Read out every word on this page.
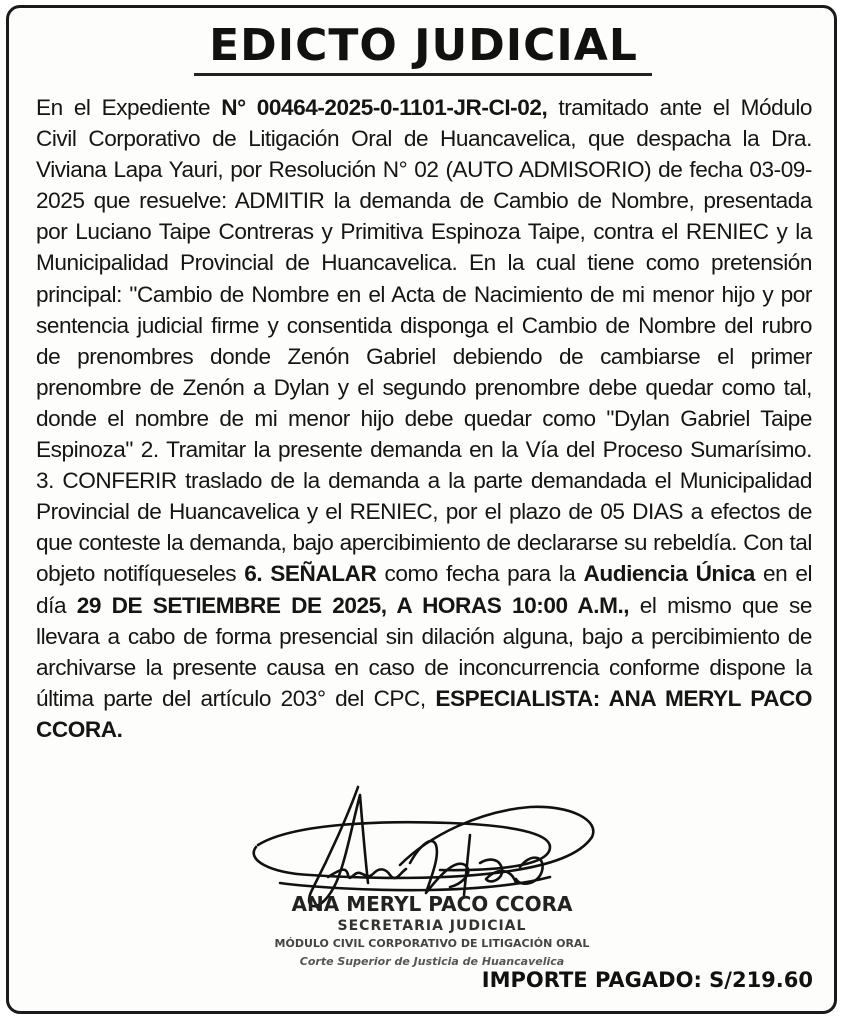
EDICTO JUDICIAL
En el Expediente N° 00464-2025-0-1101-JR-CI-02, tramitado ante el Módulo Civil Corporativo de Litigación Oral de Huancavelica, que despacha la Dra. Viviana Lapa Yauri, por Resolución N° 02 (AUTO ADMISORIO) de fecha 03-09-2025 que resuelve: ADMITIR la demanda de Cambio de Nombre, presentada por Luciano Taipe Contreras y Primitiva Espinoza Taipe, contra el RENIEC y la Municipalidad Provincial de Huancavelica. En la cual tiene como pretensión principal: "Cambio de Nombre en el Acta de Nacimiento de mi menor hijo y por sentencia judicial firme y consentida disponga el Cambio de Nombre del rubro de prenombres donde Zenón Gabriel debiendo de cambiarse el primer prenombre de Zenón a Dylan y el segundo prenombre debe quedar como tal, donde el nombre de mi menor hijo debe quedar como "Dylan Gabriel Taipe Espinoza" 2. Tramitar la presente demanda en la Vía del Proceso Sumarísimo. 3. CONFERIR traslado de la demanda a la parte demandada el Municipalidad Provincial de Huancavelica y el RENIEC, por el plazo de 05 DIAS a efectos de que conteste la demanda, bajo apercibimiento de declararse su rebeldía. Con tal objeto notifíqueseles 6. SEÑALAR como fecha para la Audiencia Única en el día 29 DE SETIEMBRE DE 2025, A HORAS 10:00 A.M., el mismo que se llevara a cabo de forma presencial sin dilación alguna, bajo a percibimiento de archivarse la presente causa en caso de inconcurrencia conforme dispone la última parte del artículo 203° del CPC, ESPECIALISTA: ANA MERYL PACO CCORA.
ANA MERYL PACO CCORA
SECRETARIA JUDICIAL
MÓDULO CIVIL CORPORATIVO DE LITIGACIÓN ORAL
Corte Superior de Justicia de Huancavelica
IMPORTE PAGADO: S/219.60
